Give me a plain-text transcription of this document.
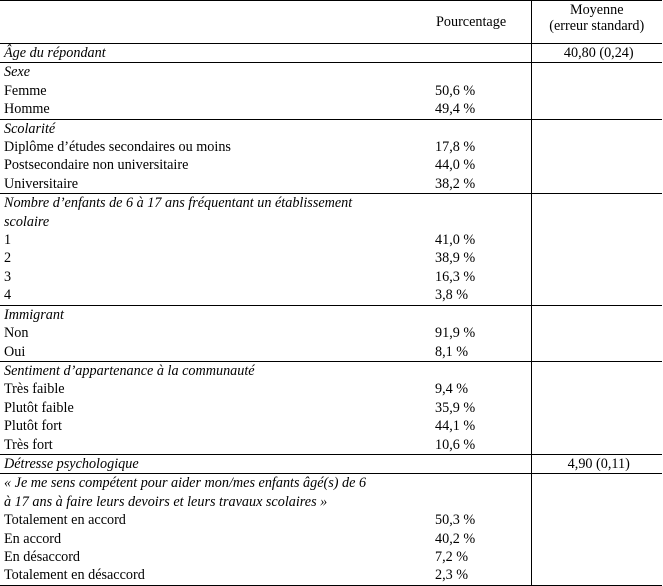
	Pourcentage	Moyenne
(erreur standard)

Âge du répondant		40,80 (0,24)
Sexe		
Femme	50,6 %	
Homme	49,4 %	
Scolarité		
Diplôme d’études secondaires ou moins	17,8 %	
Postsecondaire non universitaire	44,0 %	
Universitaire	38,2 %	
Nombre d’enfants de 6 à 17 ans fréquentant un établissement		
scolaire		
1	41,0 %	
2	38,9 %	
3	16,3 %	
4	3,8 %	
Immigrant		
Non	91,9 %	
Oui	8,1 %	
Sentiment d’appartenance à la communauté		
Très faible	9,4 %	
Plutôt faible	35,9 %	
Plutôt fort	44,1 %	
Très fort	10,6 %	
Détresse psychologique		4,90 (0,11)
« Je me sens compétent pour aider mon/mes enfants âgé(s) de 6		
à 17 ans à faire leurs devoirs et leurs travaux scolaires »		
Totalement en accord	50,3 %	
En accord	40,2 %	
En désaccord	7,2 %	
Totalement en désaccord	2,3 %	
